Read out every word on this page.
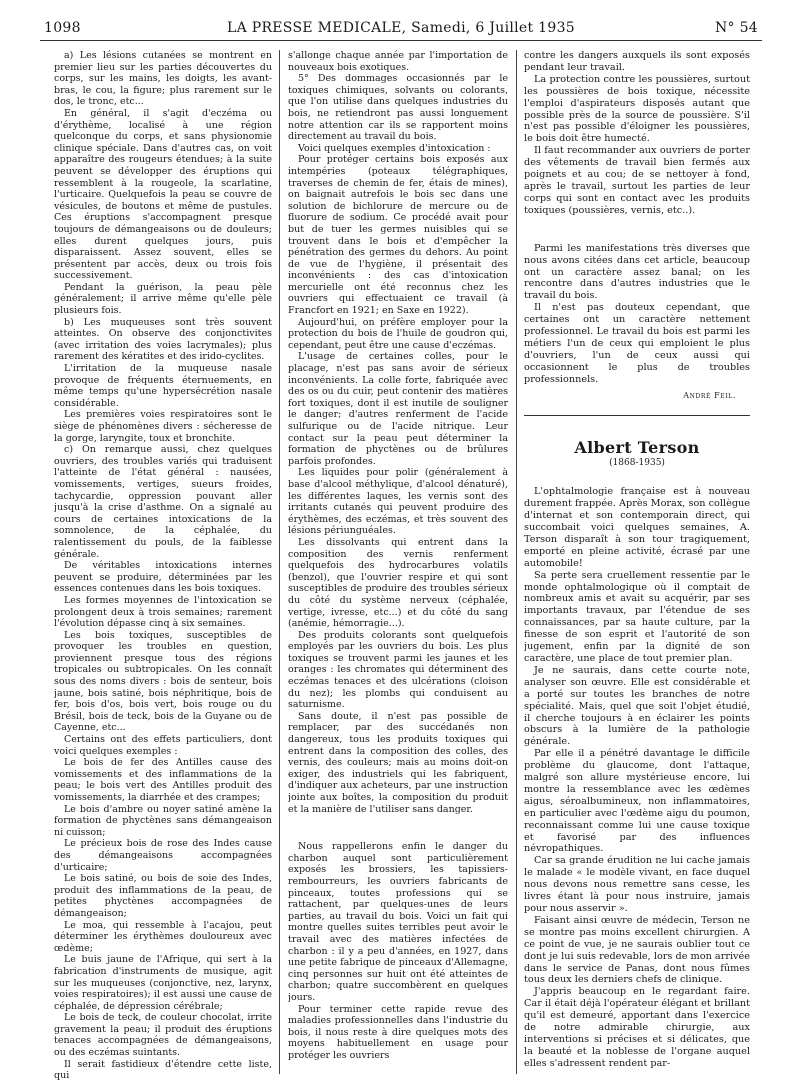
1098	LA PRESSE MEDICALE, Samedi, 6 Juillet 1935	N° 54

a) Les lésions cutanées se montrent en premier lieu sur les parties découvertes du corps, sur les mains, les doigts, les avant-bras, le cou, la figure; plus rarement sur le dos, le tronc, etc...

En général, il s'agit d'eczéma ou d'érythème, localisé à une région quelconque du corps, et sans physionomie clinique spéciale. Dans d'autres cas, on voit apparaître des rougeurs étendues; à la suite peuvent se développer des éruptions qui ressemblent à la rougeole, la scarlatine, l'urticaire. Quelquefois la peau se couvre de vésicules, de boutons et même de pustules. Ces éruptions s'accompagnent presque toujours de démangeaisons ou de douleurs; elles durent quelques jours, puis disparaissent. Assez souvent, elles se présentent par accès, deux ou trois fois successivement.

Pendant la guérison, la peau pèle généralement; il arrive même qu'elle pèle plusieurs fois.

b) Les muqueuses sont très souvent atteintes. On observe des conjonctivites (avec irritation des voies lacrymales); plus rarement des kératites et des irido-cyclites.

L'irritation de la muqueuse nasale provoque de fréquents éternuements, en même temps qu'une hypersécrétion nasale considérable.

Les premières voies respiratoires sont le siège de phénomènes divers : sécheresse de la gorge, laryngite, toux et bronchite.

c) On remarque aussi, chez quelques ouvriers, des troubles variés qui traduisent l'atteinte de l'état général : nausées, vomissements, vertiges, sueurs froides, tachycardie, oppression pouvant aller jusqu'à la crise d'asthme. On a signalé au cours de certaines intoxications de la somnolence, de la céphalée, du ralentissement du pouls, de la faiblesse générale.

De véritables intoxications internes peuvent se produire, déterminées par les essences contenues dans les bois toxiques.

Les formes moyennes de l'intoxication se prolongent deux à trois semaines; rarement l'évolution dépasse cinq à six semaines.

Les bois toxiques, susceptibles de provoquer les troubles en question, proviennent presque tous des régions tropicales ou subtropicales. On les connaît sous des noms divers : bois de senteur, bois jaune, bois satiné, bois néphritique, bois de fer, bois d'os, bois vert, bois rouge ou du Brésil, bois de teck, bois de la Guyane ou de Cayenne, etc...

Certains ont des effets particuliers, dont voici quelques exemples :

Le bois de fer des Antilles cause des vomissements et des inflammations de la peau; le bois vert des Antilles produit des vomissements, la diarrhée et des crampes;

Le bois d'ambre ou noyer satiné amène la formation de phyctènes sans démangeaison ni cuisson;

Le précieux bois de rose des Indes cause des démangeaisons accompagnées d'urticaire;

Le bois satiné, ou bois de soie des Indes, produit des inflammations de la peau, de petites phyctènes accompagnées de démangeaison;

Le moa, qui ressemble à l'acajou, peut déterminer les érythèmes douloureux avec œdème;

Le buis jaune de l'Afrique, qui sert à la fabrication d'instruments de musique, agit sur les muqueuses (conjonctive, nez, larynx, voies respiratoires); il est aussi une cause de céphalée, de dépression cérébrale;

Le bois de teck, de couleur chocolat, irrite gravement la peau; il produit des éruptions tenaces accompagnées de démangeaisons, ou des eczémas suintants.

Il serait fastidieux d'étendre cette liste, qui

s'allonge chaque année par l'importation de nouveaux bois exotiques.

5° Des dommages occasionnés par le toxiques chimiques, solvants ou colorants, que l'on utilise dans quelques industries du bois, ne retiendront pas aussi longuement notre attention car ils se rapportent moins directement au travail du bois.

Voici quelques exemples d'intoxication :

Pour protéger certains bois exposés aux intempéries (poteaux télégraphiques, traverses de chemin de fer, étais de mines), on baignait autrefois le bois sec dans une solution de bichlorure de mercure ou de fluorure de sodium. Ce procédé avait pour but de tuer les germes nuisibles qui se trouvent dans le bois et d'empêcher la pénétration des germes du dehors. Au point de vue de l'hygiène, il présentait des inconvénients : des cas d'intoxication mercurielle ont été reconnus chez les ouvriers qui effectuaient ce travail (à Francfort en 1921; en Saxe en 1922).

Aujourd'hui, on préfère employer pour la protection du bois de l'huile de goudron qui, cependant, peut être une cause d'eczémas.

L'usage de certaines colles, pour le placage, n'est pas sans avoir de sérieux inconvénients. La colle forte, fabriquée avec des os ou du cuir, peut contenir des matières fort toxiques, dont il est inutile de souligner le danger; d'autres renferment de l'acide sulfurique ou de l'acide nitrique. Leur contact sur la peau peut déterminer la formation de phyctènes ou de brûlures parfois profondes.

Les liquides pour polir (généralement à base d'alcool méthylique, d'alcool dénaturé), les différentes laques, les vernis sont des irritants cutanés qui peuvent produire des érythèmes, des eczémas, et très souvent des lésions périunguéales.

Les dissolvants qui entrent dans la composition des vernis renferment quelquefois des hydrocarbures volatils (benzol), que l'ouvrier respire et qui sont susceptibles de produire des troubles sérieux du côté du système nerveux (céphalée, vertige, ivresse, etc...) et du côté du sang (anémie, hémorragie...).

Des produits colorants sont quelquefois employés par les ouvriers du bois. Les plus toxiques se trouvent parmi les jaunes et les oranges : les chromates qui déterminent des eczémas tenaces et des ulcérations (cloison du nez); les plombs qui conduisent au saturnisme.

Sans doute, il n'est pas possible de remplacer, par des succédanés non dangereux, tous les produits toxiques qui entrent dans la composition des colles, des vernis, des couleurs; mais au moins doit-on exiger, des industriels qui les fabriquent, d'indiquer aux acheteurs, par une instruction jointe aux boîtes, la composition du produit et la manière de l'utiliser sans danger.

Nous rappellerons enfin le danger du charbon auquel sont particulièrement exposés les brossiers, les tapissiers-rembourreurs, les ouvriers fabricants de pinceaux, toutes professions qui se rattachent, par quelques-unes de leurs parties, au travail du bois. Voici un fait qui montre quelles suites terribles peut avoir le travail avec des matières infectées de charbon : il y a peu d'années, en 1927, dans une petite fabrique de pinceaux d'Allemagne, cinq personnes sur huit ont été atteintes de charbon; quatre succombèrent en quelques jours.

Pour terminer cette rapide revue des maladies professionnelles dans l'industrie du bois, il nous reste à dire quelques mots des moyens habituellement en usage pour protéger les ouvriers

contre les dangers auxquels ils sont exposés pendant leur travail.

La protection contre les poussières, surtout les poussières de bois toxique, nécessite l'emploi d'aspirateurs disposés autant que possible près de la source de poussière. S'il n'est pas possible d'éloigner les poussières, le bois doit être humecté.

Il faut recommander aux ouvriers de porter des vêtements de travail bien fermés aux poignets et au cou; de se nettoyer à fond, après le travail, surtout les parties de leur corps qui sont en contact avec les produits toxiques (poussières, vernis, etc..).

Parmi les manifestations très diverses que nous avons citées dans cet article, beaucoup ont un caractère assez banal; on les rencontre dans d'autres industries que le travail du bois.

Il n'est pas douteux cependant, que certaines ont un caractère nettement professionnel. Le travail du bois est parmi les métiers l'un de ceux qui emploient le plus d'ouvriers, l'un de ceux aussi qui occasionnent le plus de troubles professionnels.

André Feil.
Albert Terson
(1868-1935)

L'ophtalmologie française est à nouveau durement frappée. Après Morax, son collègue d'internat et son contemporain direct, qui succombait voici quelques semaines, A. Terson disparaît à son tour tragiquement, emporté en pleine activité, écrasé par une automobile!

Sa perte sera cruellement ressentie par le monde ophtalmologique où il comptait de nombreux amis et avait su acquérir, par ses importants travaux, par l'étendue de ses connaissances, par sa haute culture, par la finesse de son esprit et l'autorité de son jugement, enfin par la dignité de son caractère, une place de tout premier plan.

Je ne saurais, dans cette courte note, analyser son œuvre. Elle est considérable et a porté sur toutes les branches de notre spécialité. Mais, quel que soit l'objet étudié, il cherche toujours à en éclairer les points obscurs à la lumière de la pathologie générale.

Par elle il a pénétré davantage le difficile problème du glaucome, dont l'attaque, malgré son allure mystérieuse encore, lui montre la ressemblance avec les œdèmes aigus, séroalbumineux, non inflammatoires, en particulier avec l'œdème aigu du poumon, reconnaissant comme lui une cause toxique et favorisé par des influences névropathiques.

Car sa grande érudition ne lui cache jamais le malade « le modèle vivant, en face duquel nous devons nous remettre sans cesse, les livres étant là pour nous instruire, jamais pour nous asservir ».

Faisant ainsi œuvre de médecin, Terson ne se montre pas moins excellent chirurgien. A ce point de vue, je ne saurais oublier tout ce dont je lui suis redevable, lors de mon arrivée dans le service de Panas, dont nous fûmes tous deux les derniers chefs de clinique.

J'appris beaucoup en le regardant faire. Car il était déjà l'opérateur élégant et brillant qu'il est demeuré, apportant dans l'exercice de notre admirable chirurgie, aux interventions si précises et si délicates, que la beauté et la noblesse de l'organe auquel elles s'adressent rendent par-
